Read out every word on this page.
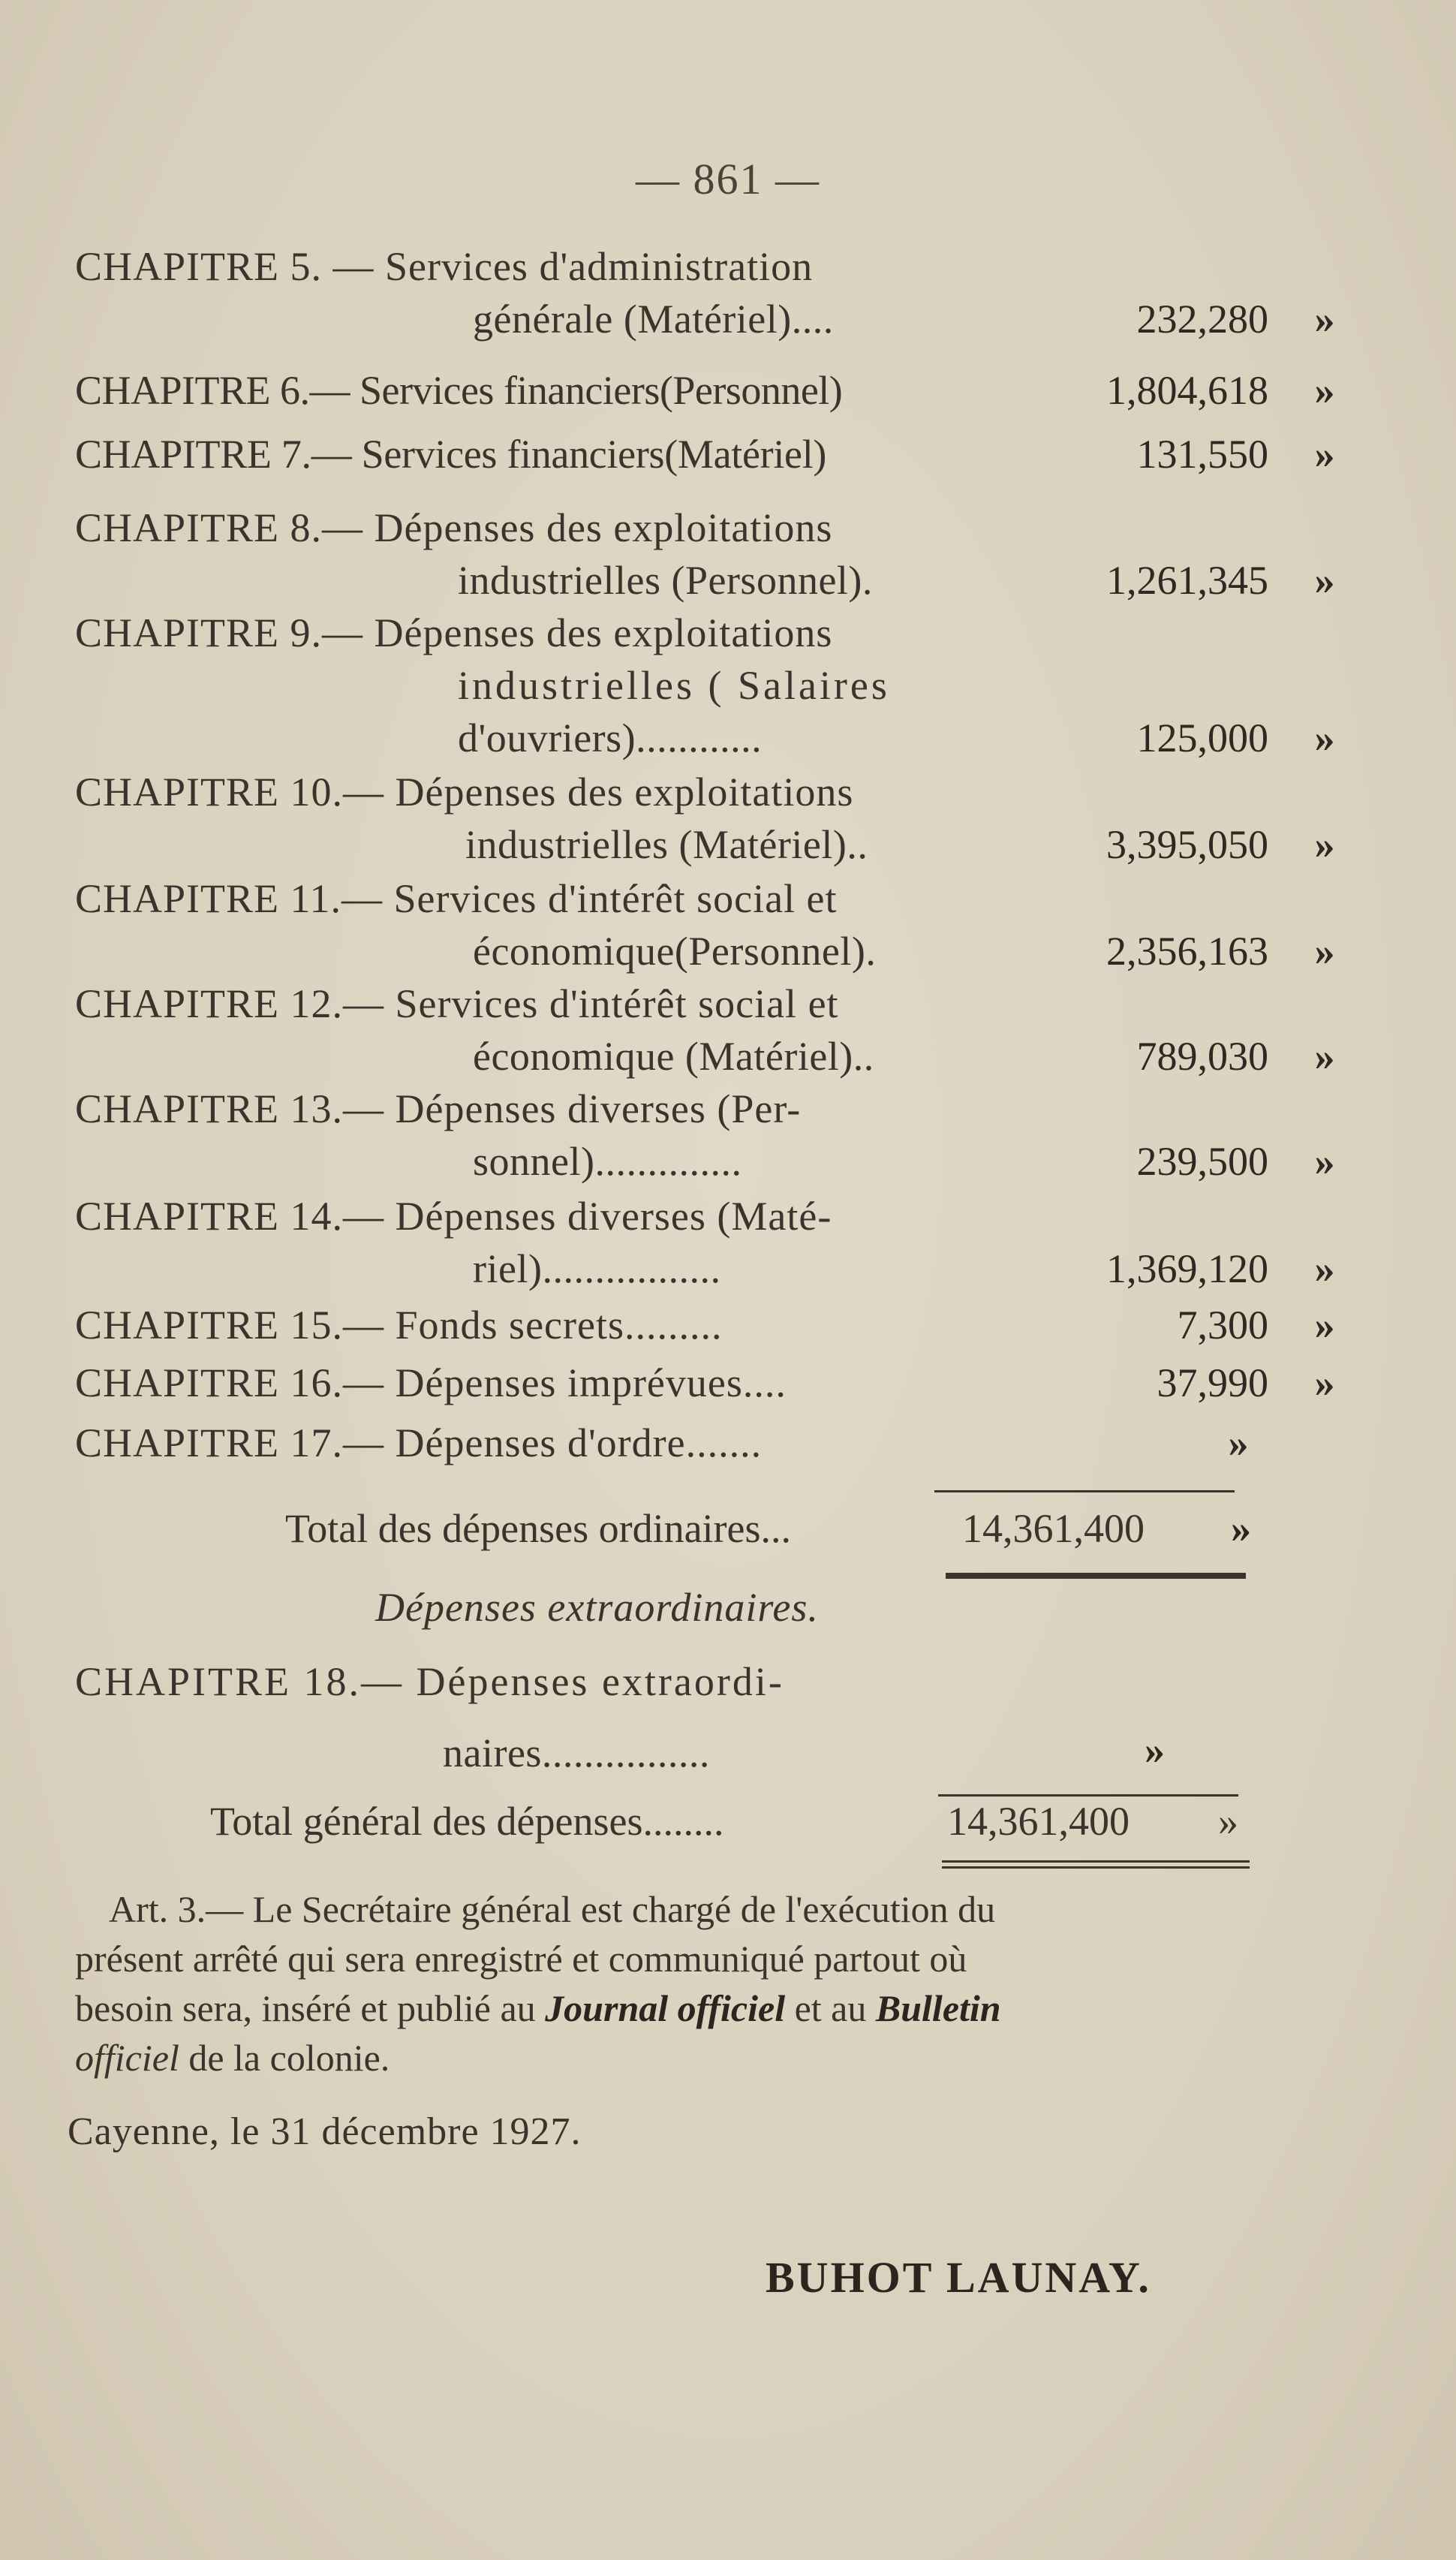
— 861 —
CHAPITRE 5. — Services d'administration
générale (Matériel)....	232,280 »
CHAPITRE 6.— Services financiers(Personnel)	1,804,618 »
CHAPITRE 7.— Services financiers(Matériel)	131,550 »
CHAPITRE 8.— Dépenses des exploitations
industrielles (Personnel).	1,261,345 »
CHAPITRE 9.— Dépenses des exploitations
industrielles ( Salaires
d'ouvriers)............	125,000 »
CHAPITRE 10.— Dépenses des exploitations
industrielles (Matériel)..	3,395,050 »
CHAPITRE 11.— Services d'intérêt social et
économique(Personnel).	2,356,163 »
CHAPITRE 12.— Services d'intérêt social et
économique (Matériel)..	789,030 »
CHAPITRE 13.— Dépenses diverses (Per-
sonnel)..............	239,500 »
CHAPITRE 14.— Dépenses diverses (Maté-
riel).................	1,369,120 »
CHAPITRE 15.— Fonds secrets.........	7,300 »
CHAPITRE 16.— Dépenses imprévues....	37,990 »
CHAPITRE 17.— Dépenses d'ordre.......	»
Total des dépenses ordinaires...	14,361,400 »
Dépenses extraordinaires.
CHAPITRE 18.— Dépenses extraordi-
naires................	»
Total général des dépenses........	14,361,400 »
Art. 3.— Le Secrétaire général est chargé de l'exécution du
présent arrêté qui sera enregistré et communiqué partout où
besoin sera, inséré et publié au Journal officiel et au Bulletin
officiel de la colonie.
Cayenne, le 31 décembre 1927.
BUHOT LAUNAY.
